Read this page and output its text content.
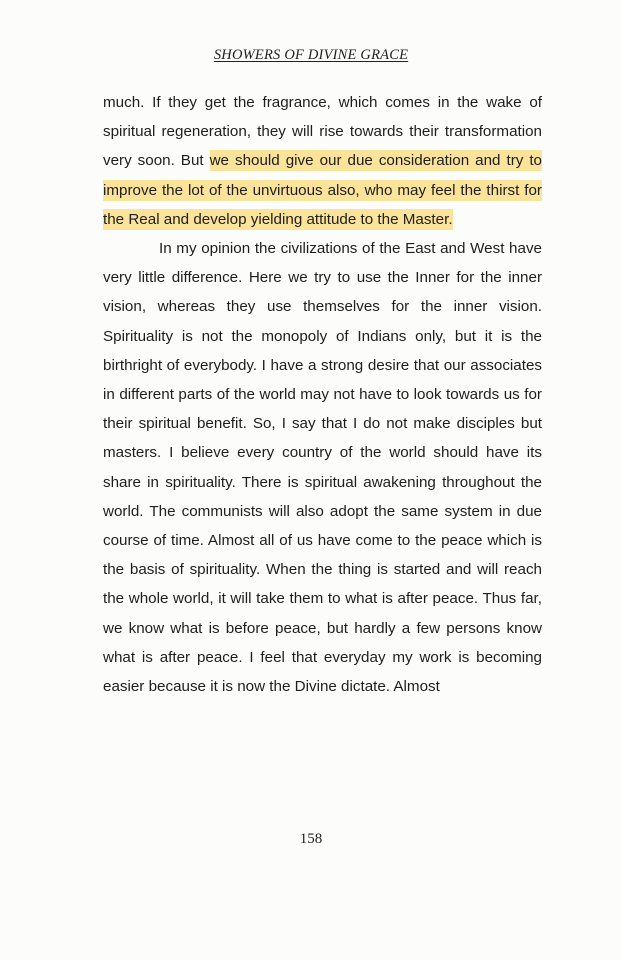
SHOWERS OF DIVINE GRACE

much. If they get the fragrance, which comes in the wake of spiritual regeneration, they will rise towards their transformation very soon. But we should give our due consideration and try to improve the lot of the unvirtuous also, who may feel the thirst for the Real and develop yielding attitude to the Master.

In my opinion the civilizations of the East and West have very little difference. Here we try to use the Inner for the inner vision, whereas they use themselves for the inner vision. Spirituality is not the monopoly of Indians only, but it is the birthright of everybody. I have a strong desire that our associates in different parts of the world may not have to look towards us for their spiritual benefit. So, I say that I do not make disciples but masters. I believe every country of the world should have its share in spirituality. There is spiritual awakening throughout the world. The communists will also adopt the same system in due course of time. Almost all of us have come to the peace which is the basis of spirituality. When the thing is started and will reach the whole world, it will take them to what is after peace. Thus far, we know what is before peace, but hardly a few persons know what is after peace. I feel that everyday my work is becoming easier because it is now the Divine dictate. Almost

158
